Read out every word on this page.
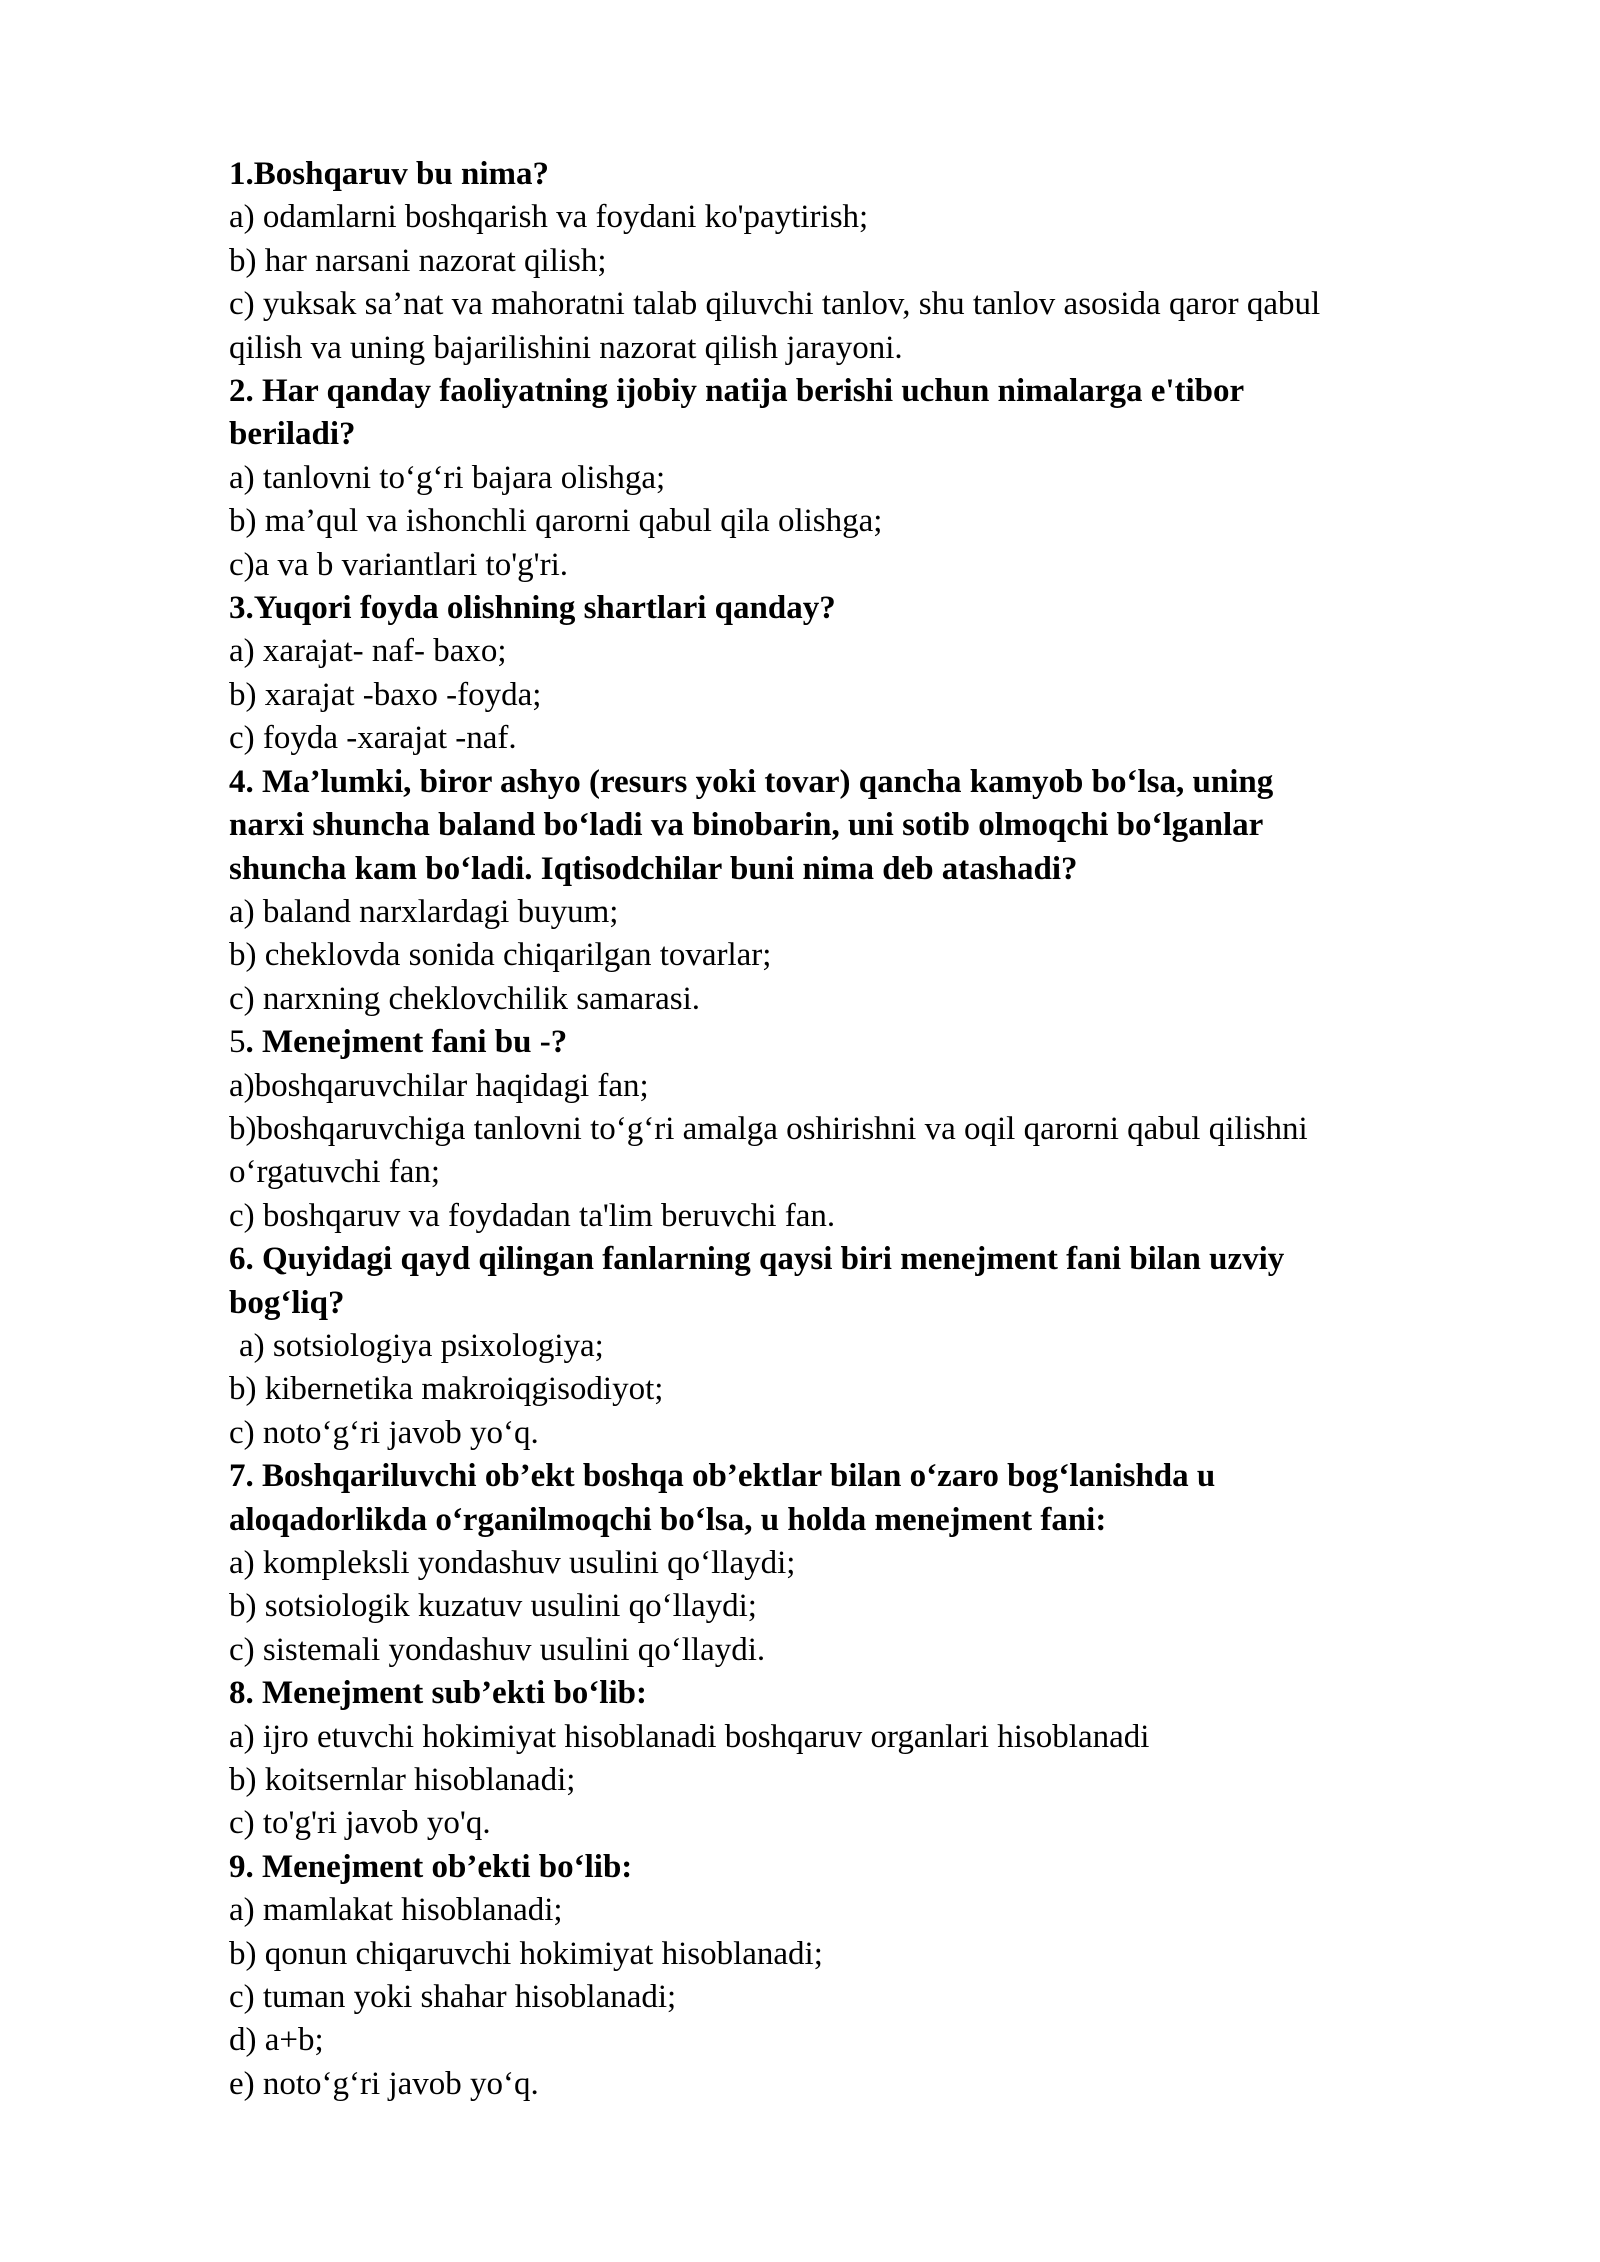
1.Boshqaruv bu nima?
a) odamlarni boshqarish va foydani ko'paytirish;
b) har narsani nazorat qilish;
c) yuksak sa’nat va mahoratni talab qiluvchi tanlov, shu tanlov asosida qaror qabul
qilish va uning bajarilishini nazorat qilish jarayoni.
2. Har qanday faoliyatning ijobiy natija berishi uchun nimalarga e'tibor
beriladi?
a) tanlovni to‘g‘ri bajara olishga;
b) ma’qul va ishonchli qarorni qabul qila olishga;
c)a va b variantlari to'g'ri.
3.Yuqori foyda olishning shartlari qanday?
a) xarajat- naf- baxo;
b) xarajat -baxo -foyda;
c) foyda -xarajat -naf.
4. Ma’lumki, biror ashyo (resurs yoki tovar) qancha kamyob bo‘lsa, uning
narxi shuncha baland bo‘ladi va binobarin, uni sotib olmoqchi bo‘lganlar
shuncha kam bo‘ladi. Iqtisodchilar buni nima deb atashadi?
a) baland narxlardagi buyum;
b) cheklovda sonida chiqarilgan tovarlar;
c) narxning cheklovchilik samarasi.
5. Menejment fani bu -?
a)boshqaruvchilar haqidagi fan;
b)boshqaruvchiga tanlovni to‘g‘ri amalga oshirishni va oqil qarorni qabul qilishni
o‘rgatuvchi fan;
c) boshqaruv va foydadan ta'lim beruvchi fan.
6. Quyidagi qayd qilingan fanlarning qaysi biri menejment fani bilan uzviy
bog‘liq?
a) sotsiologiya psixologiya;
b) kibernetika makroiqgisodiyot;
c) noto‘g‘ri javob yo‘q.
7. Boshqariluvchi ob’ekt boshqa ob’ektlar bilan o‘zaro bog‘lanishda u
aloqadorlikda o‘rganilmoqchi bo‘lsa, u holda menejment fani:
a) kompleksli yondashuv usulini qo‘llaydi;
b) sotsiologik kuzatuv usulini qo‘llaydi;
c) sistemali yondashuv usulini qo‘llaydi.
8. Menejment sub’ekti bo‘lib:
a) ijro etuvchi hokimiyat hisoblanadi boshqaruv organlari hisoblanadi
b) koitsernlar hisoblanadi;
c) to'g'ri javob yo'q.
9. Menejment ob’ekti bo‘lib:
a) mamlakat hisoblanadi;
b) qonun chiqaruvchi hokimiyat hisoblanadi;
c) tuman yoki shahar hisoblanadi;
d) a+b;
e) noto‘g‘ri javob yo‘q.
